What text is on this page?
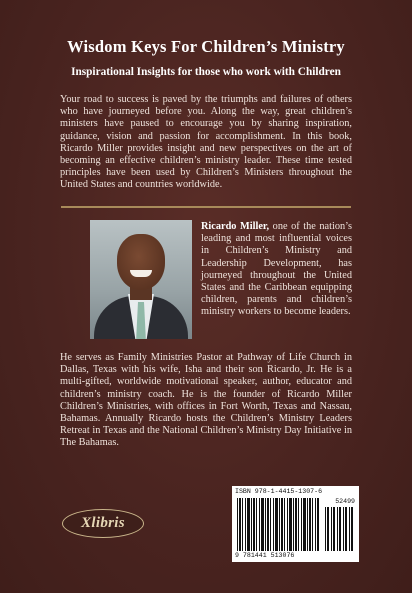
Wisdom Keys For Children’s Ministry
Inspirational Insights for those who work with Children

Your road to success is paved by the triumphs and failures of others who have journeyed before you. Along the way, great children’s ministers have paused to encourage you by sharing inspiration, guidance, vision and passion for accomplishment. In this book, Ricardo Miller provides insight and new perspectives on the art of becoming an effective children’s ministry leader. These time tested principles have been used by Children’s Ministers throughout the United States and countries worldwide.

Ricardo Miller, one of the nation’s leading and most influential voices in Children’s Ministry and Leadership Development, has journeyed throughout the United States and the Caribbean equipping children, parents and children’s ministry workers to become leaders.

He serves as Family Ministries Pastor at Pathway of Life Church in Dallas, Texas with his wife, Isha and their son Ricardo, Jr. He is a multi-gifted, worldwide motivational speaker, author, educator and children’s ministry coach. He is the founder of Ricardo Miller Children’s Ministries, with offices in Fort Worth, Texas and Nassau, Bahamas. Annually Ricardo hosts the Children’s Ministry Leaders Retreat in Texas and the National Children’s Ministry Day Initiative in The Bahamas.

Xlibris
ISBN 978-1-4415-1307-6
52499
9 781441 513076
